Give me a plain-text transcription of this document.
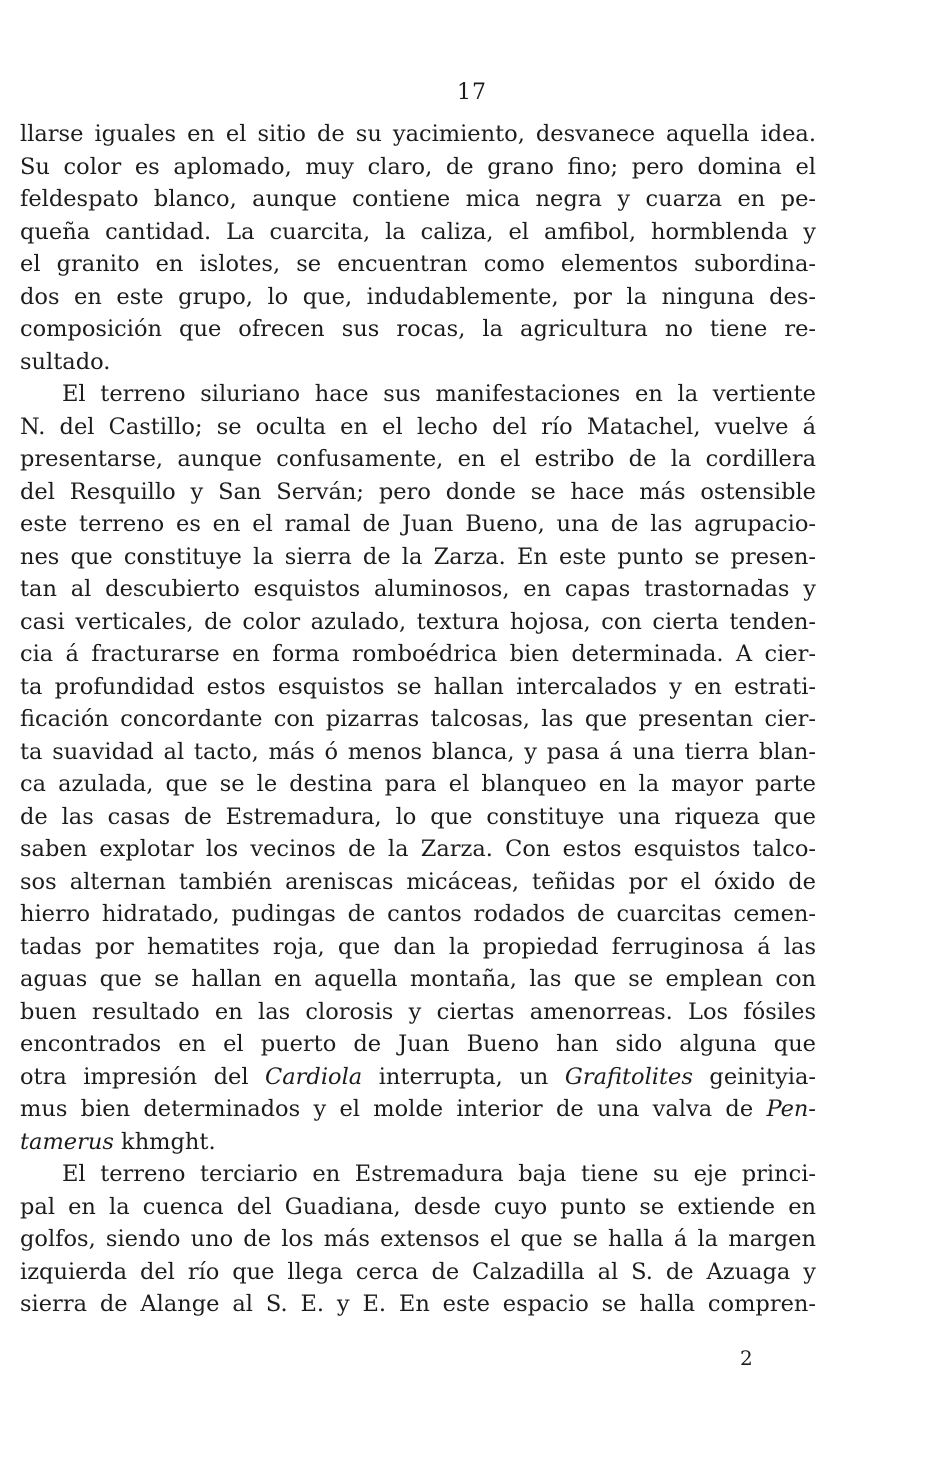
17
llarse iguales en el sitio de su yacimiento, desvanece aquella idea.
Su color es aplomado, muy claro, de grano fino; pero domina el
feldespato blanco, aunque contiene mica negra y cuarza en pe-
queña cantidad. La cuarcita, la caliza, el amfibol, hormblenda y
el granito en islotes, se encuentran como elementos subordina-
dos en este grupo, lo que, indudablemente, por la ninguna des-
composición que ofrecen sus rocas, la agricultura no tiene re-
sultado.
El terreno siluriano hace sus manifestaciones en la vertiente
N. del Castillo; se oculta en el lecho del río Matachel, vuelve á
presentarse, aunque confusamente, en el estribo de la cordillera
del Resquillo y San Serván; pero donde se hace más ostensible
este terreno es en el ramal de Juan Bueno, una de las agrupacio-
nes que constituye la sierra de la Zarza. En este punto se presen-
tan al descubierto esquistos aluminosos, en capas trastornadas y
casi verticales, de color azulado, textura hojosa, con cierta tenden-
cia á fracturarse en forma romboédrica bien determinada. A cier-
ta profundidad estos esquistos se hallan intercalados y en estrati-
ficación concordante con pizarras talcosas, las que presentan cier-
ta suavidad al tacto, más ó menos blanca, y pasa á una tierra blan-
ca azulada, que se le destina para el blanqueo en la mayor parte
de las casas de Estremadura, lo que constituye una riqueza que
saben explotar los vecinos de la Zarza. Con estos esquistos talco-
sos alternan también areniscas micáceas, teñidas por el óxido de
hierro hidratado, pudingas de cantos rodados de cuarcitas cemen-
tadas por hematites roja, que dan la propiedad ferruginosa á las
aguas que se hallan en aquella montaña, las que se emplean con
buen resultado en las clorosis y ciertas amenorreas. Los fósiles
encontrados en el puerto de Juan Bueno han sido alguna que
otra impresión del Cardiola interrupta, un Grafitolites geinityia-
mus bien determinados y el molde interior de una valva de Pen-
tamerus khmght.
El terreno terciario en Estremadura baja tiene su eje princi-
pal en la cuenca del Guadiana, desde cuyo punto se extiende en
golfos, siendo uno de los más extensos el que se halla á la margen
izquierda del río que llega cerca de Calzadilla al S. de Azuaga y
sierra de Alange al S. E. y E. En este espacio se halla compren-
2
